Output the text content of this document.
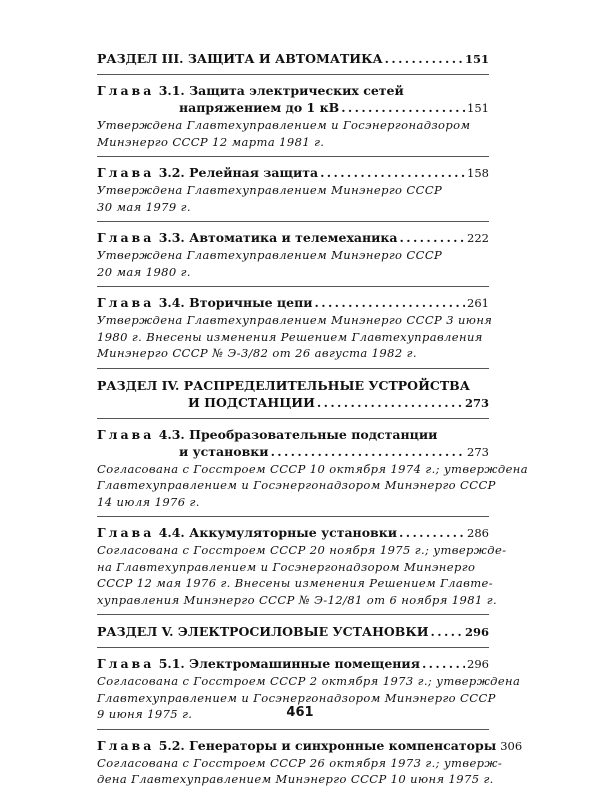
РАЗДЕЛ III. ЗАЩИТА И АВТОМАТИКА . . .	151
Глава 3.1. Защита электрических сетей
напряжением до 1 кВ . . .	151
Утверждена Главтехуправлением и Госэнергонадзором
Минэнерго СССР 12 марта 1981 г.
Глава 3.2. Релейная защита . . .	158
Утверждена Главтехуправлением Минэнерго СССР
30 мая 1979 г.
Глава 3.3. Автоматика и телемеханика . . .	222
Утверждена Главтехуправлением Минэнерго СССР
20 мая 1980 г.
Глава 3.4. Вторичные цепи . . .	261
Утверждена Главтехуправлением Минэнерго СССР 3 июня
1980 г. Внесены изменения Решением Главтехуправления
Минэнерго СССР № Э-3/82 от 26 августа 1982 г.
РАЗДЕЛ IV. РАСПРЕДЕЛИТЕЛЬНЫЕ УСТРОЙСТВА
И ПОДСТАНЦИИ . . .	273
Глава 4.3. Преобразовательные подстанции
и установки . . .	273
Согласована с Госстроем СССР 10 октября 1974 г.; утверждена
Главтехуправлением и Госэнергонадзором Минэнерго СССР
14 июля 1976 г.
Глава 4.4. Аккумуляторные установки . . .	286
Согласована с Госстроем СССР 20 ноября 1975 г.; утвержде-
на Главтехуправлением и Госэнергонадзором Минэнерго
СССР 12 мая 1976 г. Внесены изменения Решением Главте-
хуправления Минэнерго СССР № Э-12/81 от 6 ноября 1981 г.
РАЗДЕЛ V. ЭЛЕКТРОСИЛОВЫЕ УСТАНОВКИ . . .	296
Глава 5.1. Электромашинные помещения . . .	296
Согласована с Госстроем СССР 2 октября 1973 г.; утверждена
Главтехуправлением и Госэнергонадзором Минэнерго СССР
9 июня 1975 г.
Глава 5.2. Генераторы и синхронные компенсаторы 306
Согласована с Госстроем СССР 26 октября 1973 г.; утверж-
дена Главтехуправлением Минэнерго СССР 10 июня 1975 г.
461
